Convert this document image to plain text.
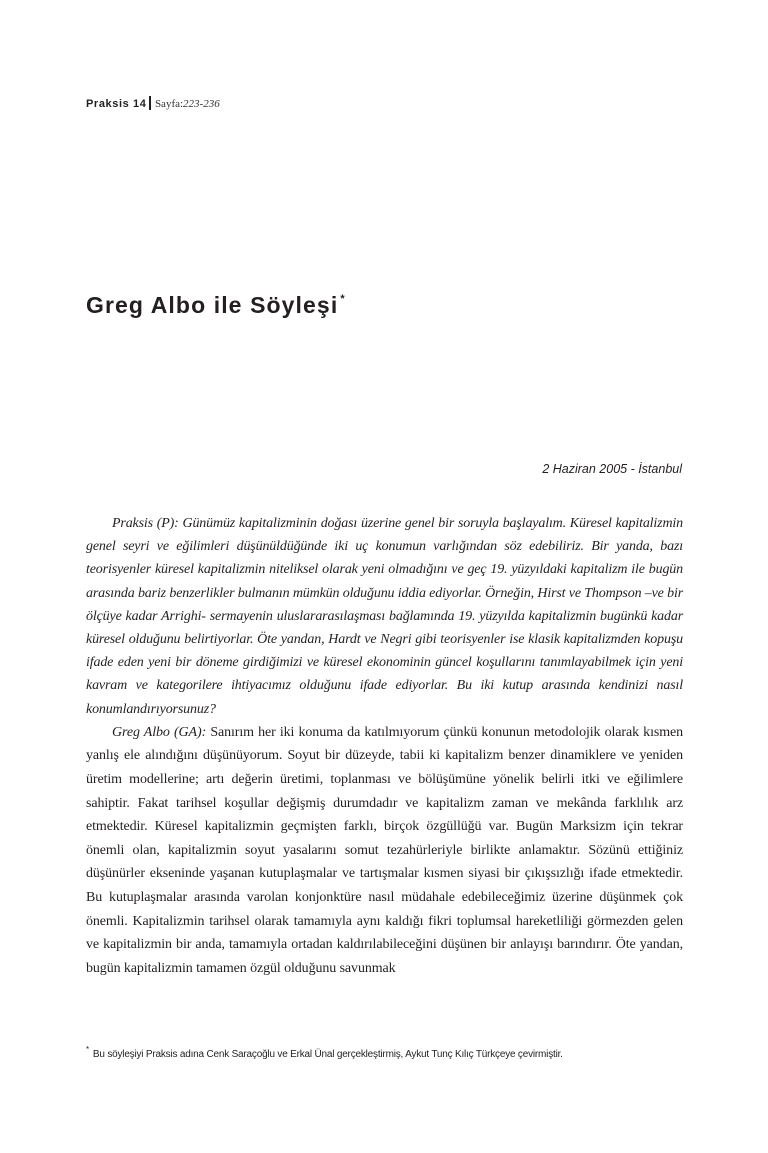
Praksis 14 Sayfa:223-236
Greg Albo ile Söyleşi *
2 Haziran 2005 - İstanbul

Praksis (P): Günümüz kapitalizminin doğası üzerine genel bir soruyla başlayalım. Küresel kapitalizmin genel seyri ve eğilimleri düşünüldüğünde iki uç konumun varlığından söz edebiliriz. Bir yanda, bazı teorisyenler küresel kapitalizmin niteliksel olarak yeni olmadığını ve geç 19. yüzyıldaki kapitalizm ile bugün arasında bariz benzerlikler bulmanın mümkün olduğunu iddia ediyorlar. Örneğin, Hirst ve Thompson –ve bir ölçüye kadar Arrighi- sermayenin uluslararasılaşması bağlamında 19. yüzyılda kapitalizmin bugünkü kadar küresel olduğunu belirtiyorlar. Öte yandan, Hardt ve Negri gibi teorisyenler ise klasik kapitalizmden kopuşu ifade eden yeni bir döneme girdiğimizi ve küresel ekonominin güncel koşullarını tanımlayabilmek için yeni kavram ve kategorilere ihtiyacımız olduğunu ifade ediyorlar. Bu iki kutup arasında kendinizi nasıl konumlandırıyorsunuz?

Greg Albo (GA): Sanırım her iki konuma da katılmıyorum çünkü konunun metodolojik olarak kısmen yanlış ele alındığını düşünüyorum. Soyut bir düzeyde, tabii ki kapitalizm benzer dinamiklere ve yeniden üretim modellerine; artı değerin üretimi, toplanması ve bölüşümüne yönelik belirli itki ve eğilimlere sahiptir. Fakat tarihsel koşullar değişmiş durumdadır ve kapitalizm zaman ve mekânda farklılık arz etmektedir. Küresel kapitalizmin geçmişten farklı, birçok özgüllüğü var. Bugün Marksizm için tekrar önemli olan, kapitalizmin soyut yasalarını somut tezahürleriyle birlikte anlamaktır. Sözünü ettiğiniz düşünürler ekseninde yaşanan kutuplaşmalar ve tartışmalar kısmen siyasi bir çıkışsızlığı ifade etmektedir. Bu kutuplaşmalar arasında varolan konjonktüre nasıl müdahale edebileceğimiz üzerine düşünmek çok önemli. Kapitalizmin tarihsel olarak tamamıyla aynı kaldığı fikri toplumsal hareketliliği görmezden gelen ve kapitalizmin bir anda, tamamıyla ortadan kaldırılabileceğini düşünen bir anlayışı barındırır. Öte yandan, bugün kapitalizmin tamamen özgül olduğunu savunmak

* Bu söyleşiyi Praksis adına Cenk Saraçoğlu ve Erkal Ünal gerçekleştirmiş, Aykut Tunç Kılıç Türkçeye çevirmiştir.
